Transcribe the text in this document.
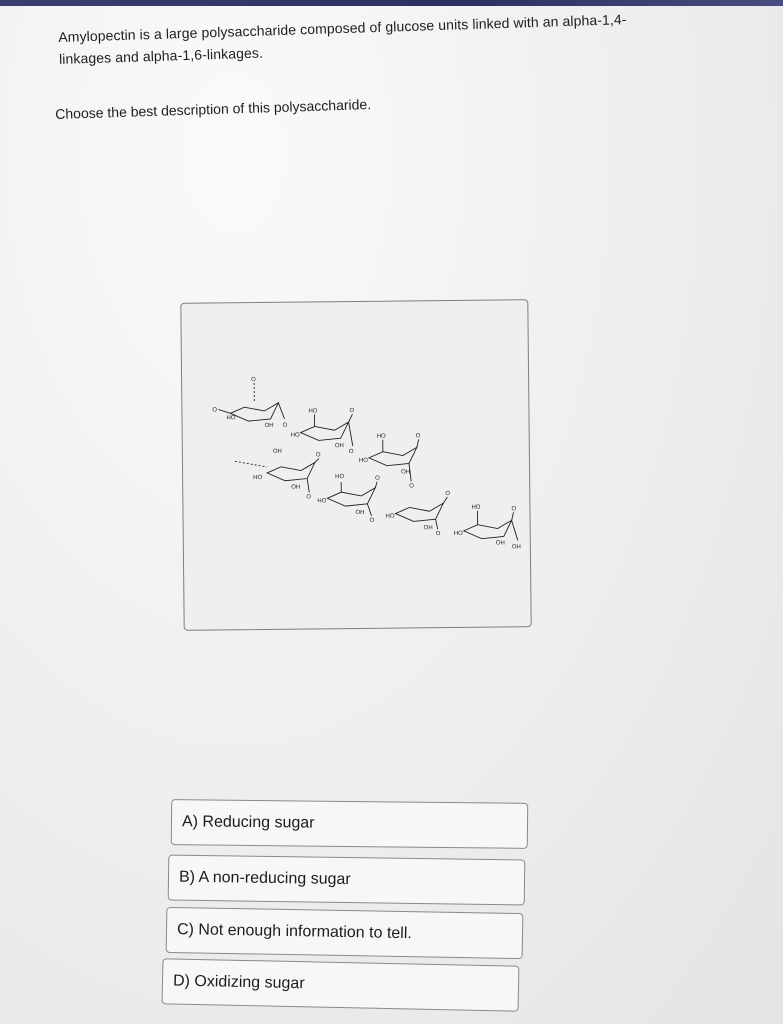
Amylopectin is a large polysaccharide composed of glucose units linked with an alpha-1,4-

linkages and alpha-1,6-linkages.

Choose the best description of this polysaccharide.
O
O
HO
OH O
HO
HO
OH
O
O
HO
HO
OH
O
O
OH
HO
OH
O
O
HO
HO
OH
O
O
HO
OH
O
O
HO
HO
OH
O
OH
A) Reducing sugar
B) A non-reducing sugar
C) Not enough information to tell.
D) Oxidizing sugar
